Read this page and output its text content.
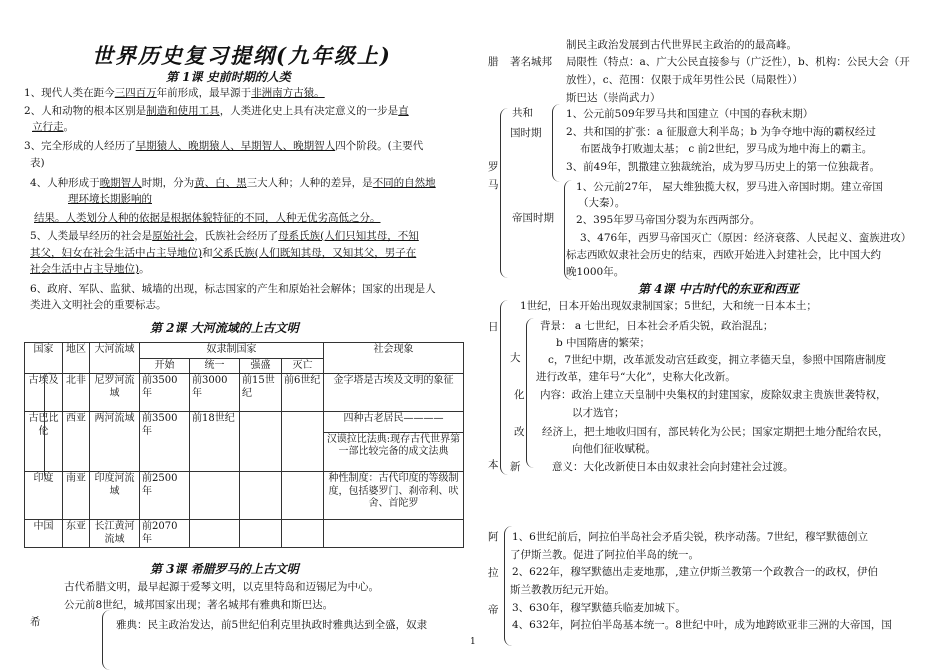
世界历史复习提纲(九年级上)
第 1课 史前时期的人类
1、现代人类在距今三四百万年前形成，最早源于非洲南方古猿。
2、人和动物的根本区别是制造和使用工具，人类进化史上具有决定意义的一步是直
立行走。
3、完全形成的人经历了早期猿人、晚期猿人、早期智人、晚期智人四个阶段。(主要代
表)
4、人种形成于晚期智人时期，分为黄、白、黑三大人种；人种的差异，是不同的自然地
理环境长期影响的
结果。人类划分人种的依据是根据体貌特征的不同，人种无优劣高低之分。
5、人类最早经历的社会是原始社会，氏族社会经历了母系氏族(人们只知其母，不知
其父，妇女在社会生活中占主导地位)和父系氏族(人们既知其母，又知其父，男子在
社会生活中占主导地位)。
6、政府、军队、监狱、城墙的出现，标志国家的产生和原始社会解体；国家的出现是人
类进入文明社会的重要标志。
第 2课 大河流域的上古文明
国家	地区	大河流域	奴隶制国家				社会现象
			开始	统一	强盛	灭亡	
古埃及	北非	尼罗河流域	前3500年	前3000年	前15世纪	前6世纪	金字塔是古埃及文明的象征
古巴比伦	西亚	两河流域	前3500年	前18世纪			四种古老居民————
汉谟拉比法典:现存古代世界第一部比较完备的成文法典

印度	南亚	印度河流域	前2500年				种性制度：古代印度的等级制度，包括婆罗门、刹帝利、吠舍、首陀罗
中国	东亚	长江黄河流域	前2070年				
第 3课 希腊罗马的上古文明
古代希腊文明，最早起源于爱琴文明，以克里特岛和迈锡尼为中心。
公元前8世纪，城邦国家出现；著名城邦有雅典和斯巴达。
希	雅典：民主政治发达，前5世纪伯利克里执政时雅典达到全盛，奴隶
制民主政治发展到古代世界民主政治的的最高峰。
腊 著名城邦 局限性（特点：a、广大公民直接参与（广泛性），b、机构：公民大会（开
放性），c、范围：仅限于成年男性公民（局限性））
斯巴达（崇尚武力）
共和
国时期
1、公元前509年罗马共和国建立（中国的春秋末期）
2、共和国的扩张：a 征服意大利半岛；b 为争夺地中海的霸权经过
布匿战争打败迦太基； c 前2世纪，罗马成为地中海上的霸主。
3、前49年，凯撒建立独裁统治，成为罗马历史上的第一位独裁者。
罗
马
帝国时期
1、公元前27年， 屋大维独揽大权，罗马进入帝国时期。建立帝国
（大秦）。
2、395年罗马帝国分裂为东西两部分。
3、476年，西罗马帝国灭亡（原因：经济衰落、人民起义、蛮族进攻）
标志西欧奴隶社会历史的结束，西欧开始进入封建社会，比中国大约
晚1000年。
第 4课 中古时代的东亚和西亚
日
本
大
化
改
新
1世纪，日本开始出现奴隶制国家；5世纪，大和统一日本本土；
背景： a 七世纪，日本社会矛盾尖锐，政治混乱；
b 中国隋唐的繁荣；
c，7世纪中期，改革派发动宫廷政变，拥立孝德天皇，参照中国隋唐制度
进行改革，建年号“大化”，史称大化改新。
内容：政治上建立天皇制中央集权的封建国家，废除奴隶主贵族世袭特权，
以才选官；
经济上，把土地收归国有，部民转化为公民；国家定期把土地分配给农民，
向他们征收赋税。
意义：大化改新使日本由奴隶社会向封建社会过渡。
阿
拉
帝
1、6世纪前后，阿拉伯半岛社会矛盾尖锐，秩序动荡。7世纪，穆罕默德创立
了伊斯兰教。促进了阿拉伯半岛的统一。
2、622年，穆罕默德出走麦地那，,建立伊斯兰教第一个政教合一的政权，伊伯
斯兰教教历纪元开始。
3、630年，穆罕默德兵临麦加城下。
4、632年，阿拉伯半岛基本统一。8世纪中叶，成为地跨欧亚非三洲的大帝国，国
1
